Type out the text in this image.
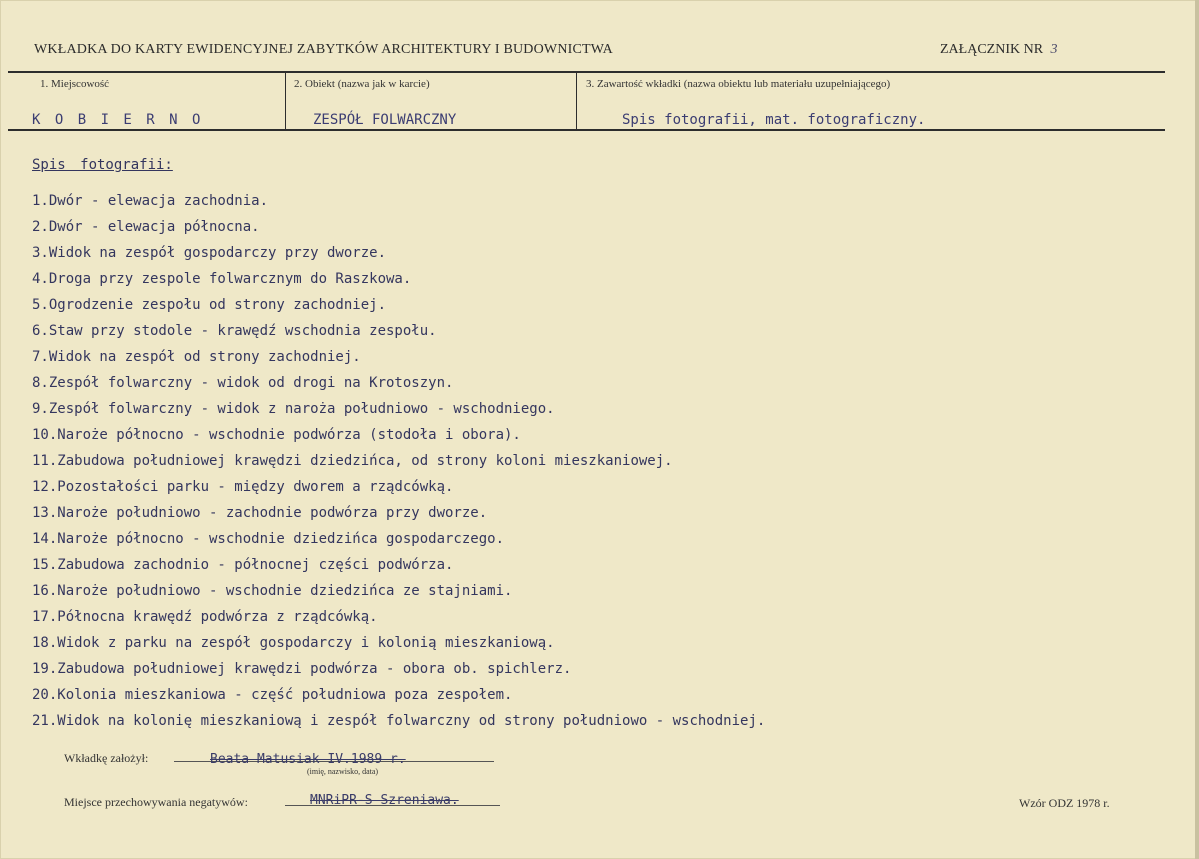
WKŁADKA DO KARTY EWIDENCYJNEJ ZABYTKÓW ARCHITEKTURY I BUDOWNICTWA	ZAŁĄCZNIK NR 3
1. Miejscowość	2. Obiekt (nazwa jak w karcie)	3. Zawartość wkładki (nazwa obiektu lub materiału uzupełniającego)
K O B I E R N O	ZESPÓŁ FOLWARCZNY	Spis fotografii, mat. fotograficzny.
Spis fotografii:
1.Dwór - elewacja zachodnia.
2.Dwór - elewacja północna.
3.Widok na zespół gospodarczy przy dworze.
4.Droga przy zespole folwarcznym do Raszkowa.
5.Ogrodzenie zespołu od strony zachodniej.
6.Staw przy stodole - krawędź wschodnia zespołu.
7.Widok na zespół od strony zachodniej.
8.Zespół folwarczny - widok od drogi na Krotoszyn.
9.Zespół folwarczny - widok z naroża południowo - wschodniego.
10.Naroże północno - wschodnie podwórza (stodoła i obora).
11.Zabudowa południowej krawędzi dziedzińca, od strony koloni mieszkaniowej.
12.Pozostałości parku - między dworem a rządcówką.
13.Naroże południowo - zachodnie podwórza przy dworze.
14.Naroże północno - wschodnie dziedzińca gospodarczego.
15.Zabudowa zachodnio - północnej części podwórza.
16.Naroże południowo - wschodnie dziedzińca ze stajniami.
17.Północna krawędź podwórza z rządcówką.
18.Widok z parku na zespół gospodarczy i kolonią mieszkaniową.
19.Zabudowa południowej krawędzi podwórza - obora ob. spichlerz.
20.Kolonia mieszkaniowa - część południowa poza zespołem.
21.Widok na kolonię mieszkaniową i zespół folwarczny od strony południowo - wschodniej.
Wkładkę założył:	Beata Matusiak IV.1989 r.
(imię, nazwisko, data)
Miejsce przechowywania negatywów:	MNRiPR-S Szreniawa.	Wzór ODZ 1978 r.
